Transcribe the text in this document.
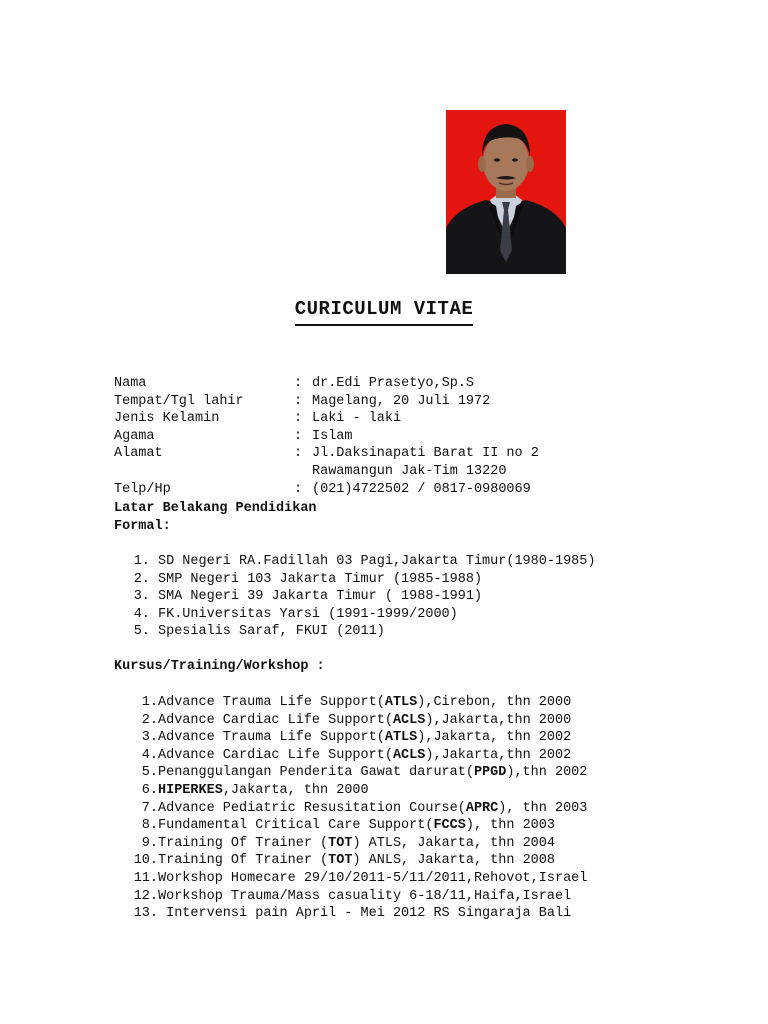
CURICULUM VITAE

Nama	: dr.Edi Prasetyo,Sp.S

Tempat/Tgl lahir	: Magelang, 20 Juli 1972

Jenis Kelamin	: Laki - laki

Agama	: Islam

Alamat	: Jl.Daksinapati Barat II no 2

Rawamangun Jak-Tim 13220

Telp/Hp	: (021)4722502 / 0817-0980069

Latar Belakang Pendidikan
Formal:
1. SD Negeri RA.Fadillah 03 Pagi,Jakarta Timur(1980-1985)
2. SMP Negeri 103 Jakarta Timur (1985-1988)
3. SMA Negeri 39 Jakarta Timur ( 1988-1991)
4. FK.Universitas Yarsi (1991-1999/2000)
5. Spesialis Saraf, FKUI (2011)
Kursus/Training/Workshop :
1.Advance Trauma Life Support(ATLS),Cirebon, thn 2000
2.Advance Cardiac Life Support(ACLS),Jakarta,thn 2000
3.Advance Trauma Life Support(ATLS),Jakarta, thn 2002
4.Advance Cardiac Life Support(ACLS),Jakarta,thn 2002
5.Penanggulangan Penderita Gawat darurat(PPGD),thn 2002
6.HIPERKES,Jakarta, thn 2000
7.Advance Pediatric Resusitation Course(APRC), thn 2003
8.Fundamental Critical Care Support(FCCS), thn 2003
9.Training Of Trainer (TOT) ATLS, Jakarta, thn 2004
10.Training Of Trainer (TOT) ANLS, Jakarta, thn 2008
11.Workshop Homecare 29/10/2011-5/11/2011,Rehovot,Israel
12.Workshop Trauma/Mass casuality 6-18/11,Haifa,Israel
13. Intervensi pain April - Mei 2012 RS Singaraja Bali
